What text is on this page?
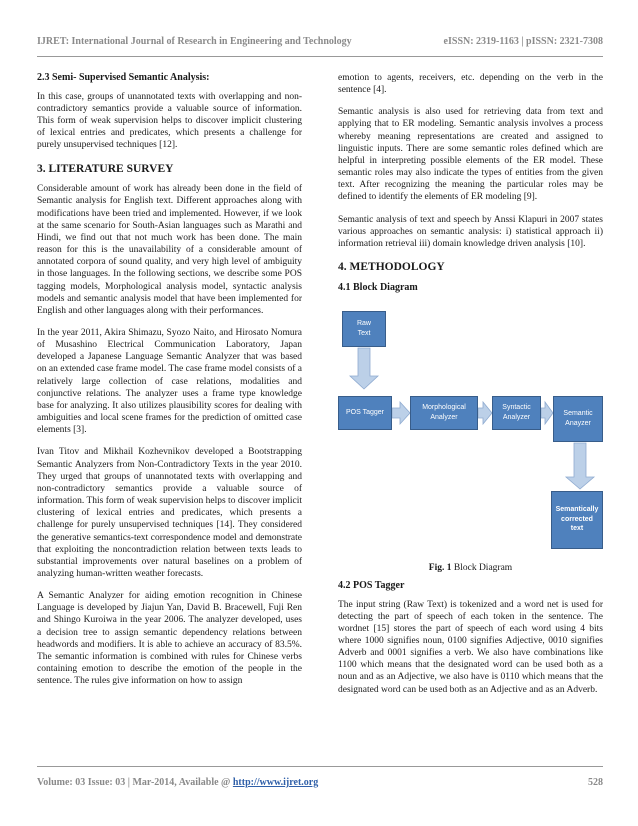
IJRET: International Journal of Research in Engineering and Technology	eISSN: 2319-1163 | pISSN: 2321-7308
2.3 Semi- Supervised Semantic Analysis:

In this case, groups of unannotated texts with overlapping and non-contradictory semantics provide a valuable source of information. This form of weak supervision helps to discover implicit clustering of lexical entries and predicates, which presents a challenge for purely unsupervised techniques [12].

3. LITERATURE SURVEY

Considerable amount of work has already been done in the field of Semantic analysis for English text. Different approaches along with modifications have been tried and implemented. However, if we look at the same scenario for South-Asian languages such as Marathi and Hindi, we find out that not much work has been done. The main reason for this is the unavailability of a considerable amount of annotated corpora of sound quality, and very high level of ambiguity in those languages. In the following sections, we describe some POS tagging models, Morphological analysis model, syntactic analysis models and semantic analysis model that have been implemented for English and other languages along with their performances.

In the year 2011, Akira Shimazu, Syozo Naito, and Hirosato Nomura of Musashino Electrical Communication Laboratory, Japan developed a Japanese Language Semantic Analyzer that was based on an extended case frame model. The case frame model consists of a relatively large collection of case relations, modalities and conjunctive relations. The analyzer uses a frame type knowledge base for analyzing. It also utilizes plausibility scores for dealing with ambiguities and local scene frames for the prediction of omitted case elements [3].

Ivan Titov and Mikhail Kozhevnikov developed a Bootstrapping Semantic Analyzers from Non-Contradictory Texts in the year 2010. They urged that groups of unannotated texts with overlapping and non-contradictory semantics provide a valuable source of information. This form of weak supervision helps to discover implicit clustering of lexical entries and predicates, which presents a challenge for purely unsupervised techniques [14]. They considered the generative semantics-text correspondence model and demonstrate that exploiting the noncontradiction relation between texts leads to substantial improvements over natural baselines on a problem of analyzing human-written weather forecasts.

A Semantic Analyzer for aiding emotion recognition in Chinese Language is developed by Jiajun Yan, David B. Bracewell, Fuji Ren and Shingo Kuroiwa in the year 2006. The analyzer developed, uses a decision tree to assign semantic dependency relations between headwords and modifiers. It is able to achieve an accuracy of 83.5%. The semantic information is combined with rules for Chinese verbs containing emotion to describe the emotion of the people in the sentence. The rules give information on how to assign

emotion to agents, receivers, etc. depending on the verb in the sentence [4].

Semantic analysis is also used for retrieving data from text and applying that to ER modeling. Semantic analysis involves a process whereby meaning representations are created and assigned to linguistic inputs. There are some semantic roles defined which are helpful in interpreting possible elements of the ER model. These semantic roles may also indicate the types of entities from the given text. After recognizing the meaning the particular roles may be defined to identify the elements of ER modeling [9].

Semantic analysis of text and speech by Anssi Klapuri in 2007 states various approaches on semantic analysis: i) statistical approach ii) information retrieval iii) domain knowledge driven analysis [10].

4. METHODOLOGY
4.1 Block Diagram
Raw
Text
POS Tagger
Morphological
Analyzer
Syntactic
Analyzer	Semantic
Anayzer
Semantically
corrected
text
Fig. 1 Block Diagram
4.2 POS Tagger

The input string (Raw Text) is tokenized and a word net is used for detecting the part of speech of each token in the sentence. The wordnet [15] stores the part of speech of each word using 4 bits where 1000 signifies noun, 0100 signifies Adjective, 0010 signifies Adverb and 0001 signifies a verb. We also have combinations like 1100 which means that the designated word can be used both as a noun and as an Adjective, we also have is 0110 which means that the designated word can be used both as an Adjective and as an Adverb.

Volume: 03 Issue: 03 | Mar-2014, Available @ http://www.ijret.org	528
